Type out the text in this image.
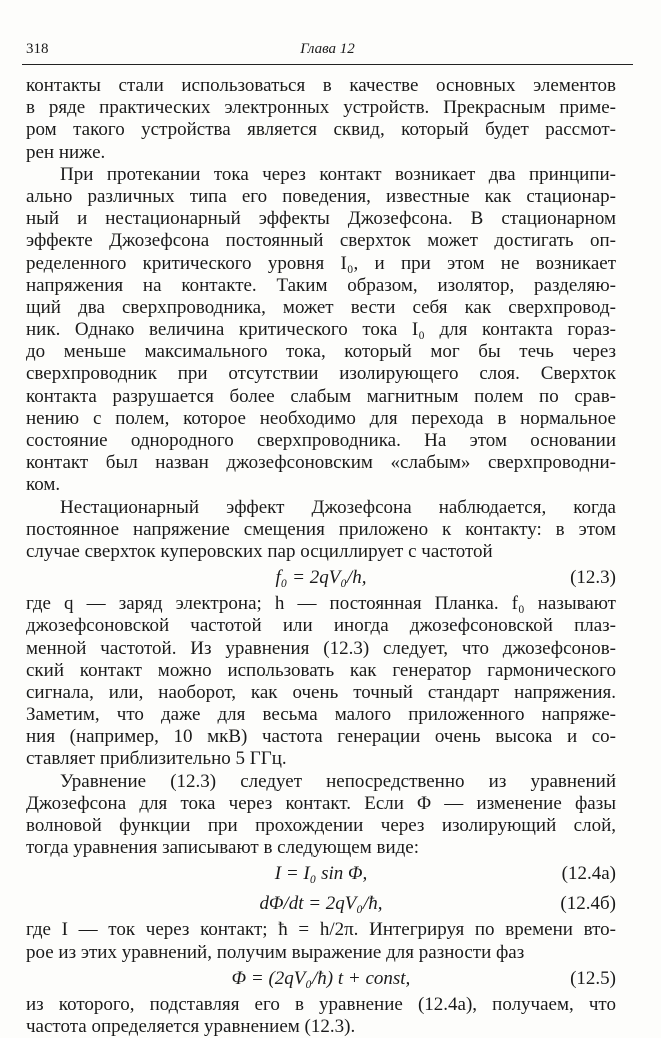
318	Глава 12
контакты стали использоваться в качестве основных элементов
в ряде практических электронных устройств. Прекрасным приме-
ром такого устройства является сквид, который будет рассмот-
рен ниже.
При протекании тока через контакт возникает два принципи-
ально различных типа его поведения, известные как стационар-
ный и нестационарный эффекты Джозефсона. В стационарном
эффекте Джозефсона постоянный сверхток может достигать оп-
ределенного критического уровня I₀, и при этом не возникает
напряжения на контакте. Таким образом, изолятор, разделяю-
щий два сверхпроводника, может вести себя как сверхпровод-
ник. Однако величина критического тока I₀ для контакта гораз-
до меньше максимального тока, который мог бы течь через
сверхпроводник при отсутствии изолирующего слоя. Сверхток
контакта разрушается более слабым магнитным полем по срав-
нению с полем, которое необходимо для перехода в нормальное
состояние однородного сверхпроводника. На этом основании
контакт был назван джозефсоновским «слабым» сверхпроводни-
ком.
Нестационарный эффект Джозефсона наблюдается, когда
постоянное напряжение смещения приложено к контакту: в этом
случае сверхток куперовских пар осциллирует с частотой
f₀ = 2qV₀/h,	(12.3)
где q — заряд электрона; h — постоянная Планка. f₀ называют
джозефсоновской частотой или иногда джозефсоновской плаз-
менной частотой. Из уравнения (12.3) следует, что джозефсонов-
ский контакт можно использовать как генератор гармонического
сигнала, или, наоборот, как очень точный стандарт напряжения.
Заметим, что даже для весьма малого приложенного напряже-
ния (например, 10 мкВ) частота генерации очень высока и со-
ставляет приблизительно 5 ГГц.
Уравнение (12.3) следует непосредственно из уравнений
Джозефсона для тока через контакт. Если Φ — изменение фазы
волновой функции при прохождении через изолирующий слой,
тогда уравнения записывают в следующем виде:
I = I₀ sin Φ,	(12.4a)
dΦ/dt = 2qV₀/ħ,	(12.4б)
где I — ток через контакт; ħ = h/2π. Интегрируя по времени вто-
рое из этих уравнений, получим выражение для разности фаз
Φ = (2qV₀/ħ) t + const,	(12.5)
из которого, подставляя его в уравнение (12.4a), получаем, что
частота определяется уравнением (12.3).
